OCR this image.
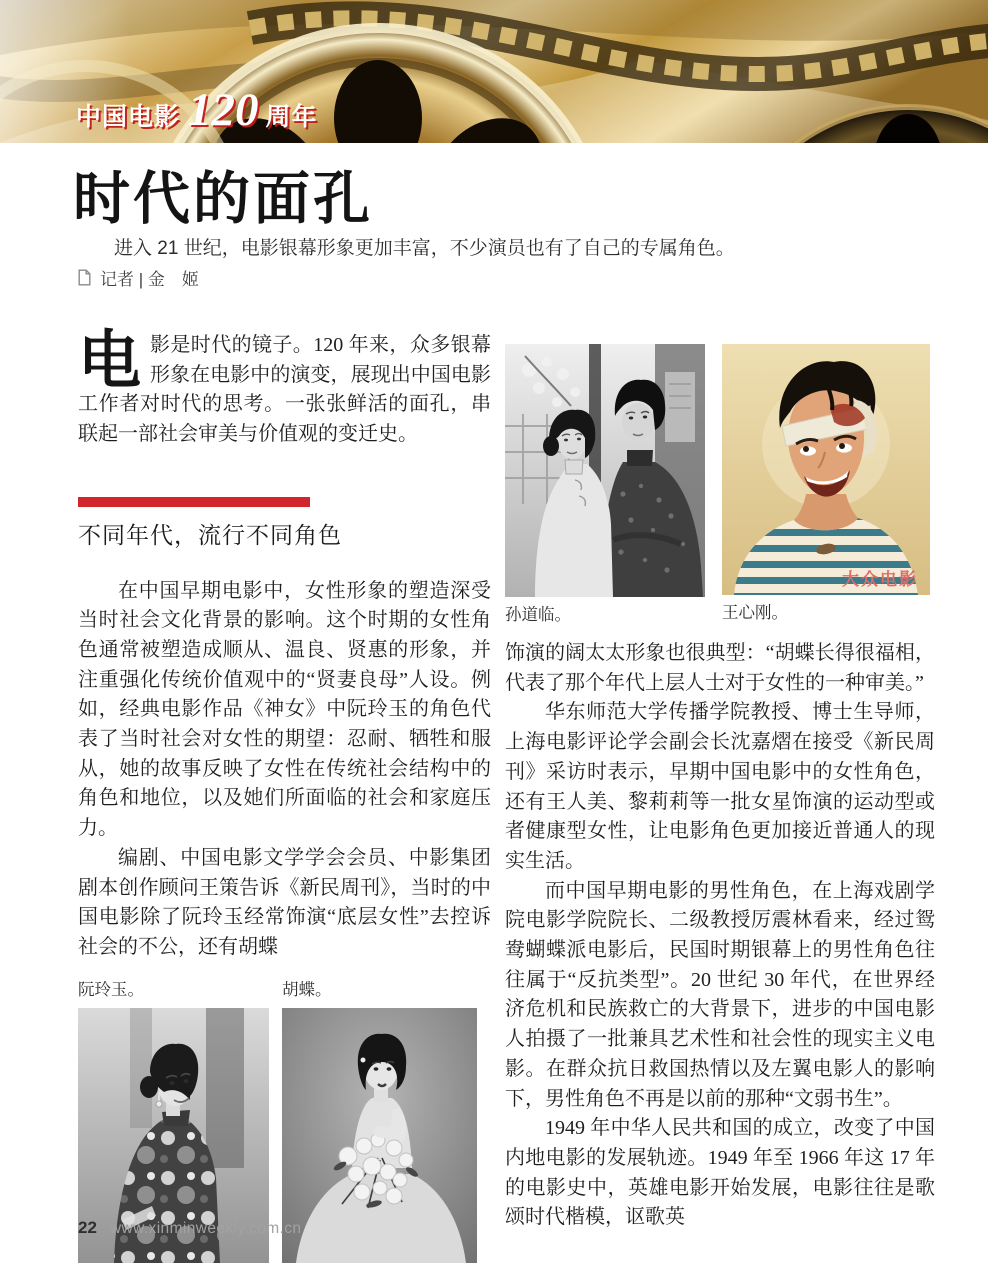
中国电影 120 周年
时代的面孔

进入 21 世纪，电影银幕形象更加丰富，不少演员也有了自己的专属角色。

记者 | 金　姬

电影是时代的镜子。120 年来，众多银幕形象在电影中的演变，展现出中国电影工作者对时代的思考。一张张鲜活的面孔，串联起一部社会审美与价值观的变迁史。

不同年代，流行不同角色

在中国早期电影中，女性形象的塑造深受当时社会文化背景的影响。这个时期的女性角色通常被塑造成顺从、温良、贤惠的形象，并注重强化传统价值观中的“贤妻良母”人设。例如，经典电影作品《神女》中阮玲玉的角色代表了当时社会对女性的期望：忍耐、牺牲和服从，她的故事反映了女性在传统社会结构中的角色和地位，以及她们所面临的社会和家庭压力。

编剧、中国电影文学学会会员、中影集团剧本创作顾问王策告诉《新民周刊》，当时的中国电影除了阮玲玉经常饰演“底层女性”去控诉社会的不公，还有胡蝶

阮玲玉。	胡蝶。
孙道临。
大众电影
王心刚。

饰演的阔太太形象也很典型：“胡蝶长得很福相，代表了那个年代上层人士对于女性的一种审美。”

华东师范大学传播学院教授、博士生导师，上海电影评论学会副会长沈嘉熠在接受《新民周刊》采访时表示，早期中国电影中的女性角色，还有王人美、黎莉莉等一批女星饰演的运动型或者健康型女性，让电影角色更加接近普通人的现实生活。

而中国早期电影的男性角色，在上海戏剧学院电影学院院长、二级教授厉震林看来，经过鸳鸯蝴蝶派电影后，民国时期银幕上的男性角色往往属于“反抗类型”。20 世纪 30 年代，在世界经济危机和民族救亡的大背景下，进步的中国电影人拍摄了一批兼具艺术性和社会性的现实主义电影。在群众抗日救国热情以及左翼电影人的影响下，男性角色不再是以前的那种“文弱书生”。

1949 年中华人民共和国的成立，改变了中国内地电影的发展轨迹。1949 年至 1966 年这 17 年的电影史中，英雄电影开始发展，电影往往是歌颂时代楷模，讴歌英

22 www.xinminweekly.com.cn
